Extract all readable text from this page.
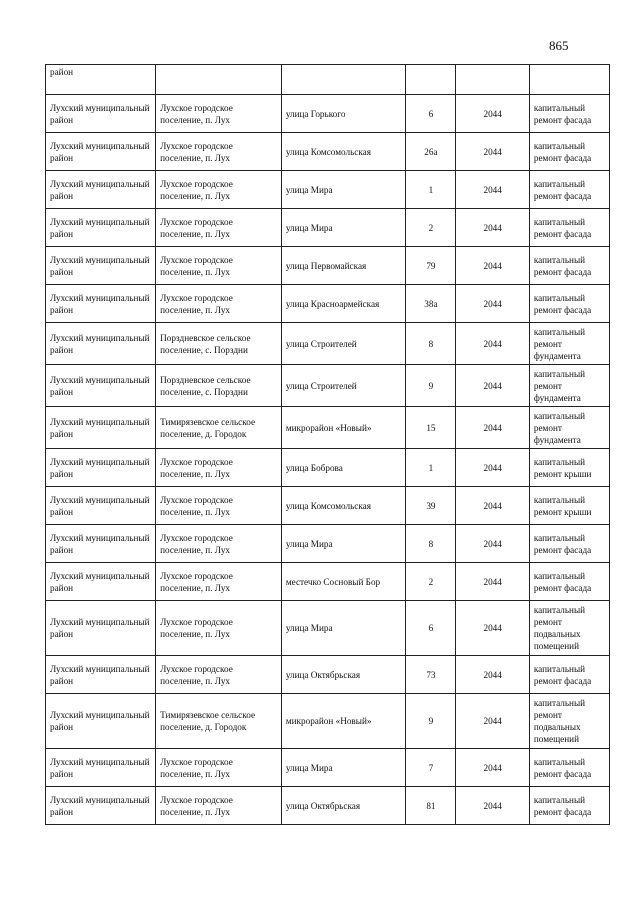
865
район					
Лухский муниципальный район	Лухское городское поселение, п. Лух	улица Горького	6	2044	капитальный ремонт фасада
Лухский муниципальный район	Лухское городское поселение, п. Лух	улица Комсомольская	26а	2044	капитальный ремонт фасада
Лухский муниципальный район	Лухское городское поселение, п. Лух	улица Мира	1	2044	капитальный ремонт фасада
Лухский муниципальный район	Лухское городское поселение, п. Лух	улица Мира	2	2044	капитальный ремонт фасада
Лухский муниципальный район	Лухское городское поселение, п. Лух	улица Первомайская	79	2044	капитальный ремонт фасада
Лухский муниципальный район	Лухское городское поселение, п. Лух	улица Красноармейская	38а	2044	капитальный ремонт фасада
Лухский муниципальный район	Порздневское сельское поселение, с. Порздни	улица Строителей	8	2044	капитальный ремонт фундамента
Лухский муниципальный район	Порздневское сельское поселение, с. Порздни	улица Строителей	9	2044	капитальный ремонт фундамента
Лухский муниципальный район	Тимирязевское сельское поселение, д. Городок	микрорайон «Новый»	15	2044	капитальный ремонт фундамента
Лухский муниципальный район	Лухское городское поселение, п. Лух	улица Боброва	1	2044	капитальный ремонт крыши
Лухский муниципальный район	Лухское городское поселение, п. Лух	улица Комсомольская	39	2044	капитальный ремонт крыши
Лухский муниципальный район	Лухское городское поселение, п. Лух	улица Мира	8	2044	капитальный ремонт фасада
Лухский муниципальный район	Лухское городское поселение, п. Лух	местечко Сосновый Бор	2	2044	капитальный ремонт фасада
Лухский муниципальный район	Лухское городское поселение, п. Лух	улица Мира	6	2044	капитальный ремонт подвальных помещений
Лухский муниципальный район	Лухское городское поселение, п. Лух	улица Октябрьская	73	2044	капитальный ремонт фасада
Лухский муниципальный район	Тимирязевское сельское поселение, д. Городок	микрорайон «Новый»	9	2044	капитальный ремонт подвальных помещений
Лухский муниципальный район	Лухское городское поселение, п. Лух	улица Мира	7	2044	капитальный ремонт фасада
Лухский муниципальный район	Лухское городское поселение, п. Лух	улица Октябрьская	81	2044	капитальный ремонт фасада
